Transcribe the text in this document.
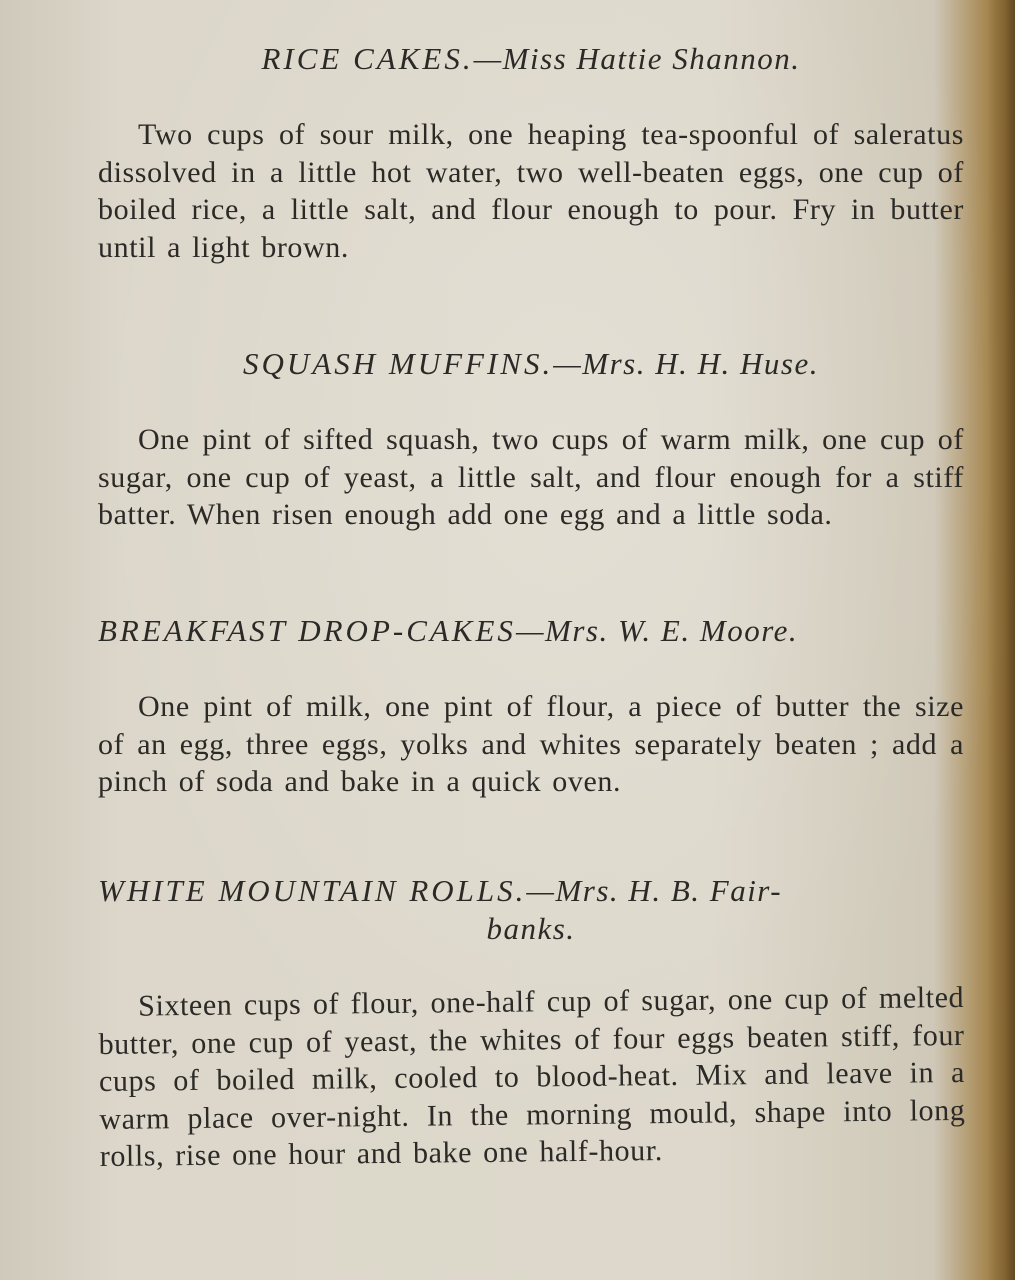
RICE CAKES.—Miss Hattie Shannon.
Two cups of sour milk, one heaping tea-spoonful of saleratus dissolved in a little hot water, two well-beaten eggs, one cup of boiled rice, a little salt, and flour enough to pour. Fry in butter until a light brown.
SQUASH MUFFINS.—Mrs. H. H. Huse.
One pint of sifted squash, two cups of warm milk, one cup of sugar, one cup of yeast, a little salt, and flour enough for a stiff batter. When risen enough add one egg and a little soda.
BREAKFAST DROP-CAKES—Mrs. W. E. Moore.
One pint of milk, one pint of flour, a piece of butter the size of an egg, three eggs, yolks and whites separately beaten ; add a pinch of soda and bake in a quick oven.
WHITE MOUNTAIN ROLLS.—Mrs. H. B. Fair-
banks.
Sixteen cups of flour, one-half cup of sugar, one cup of melted butter, one cup of yeast, the whites of four eggs beaten stiff, four cups of boiled milk, cooled to blood-heat. Mix and leave in a warm place over-night. In the morning mould, shape into long rolls, rise one hour and bake one half-hour.
